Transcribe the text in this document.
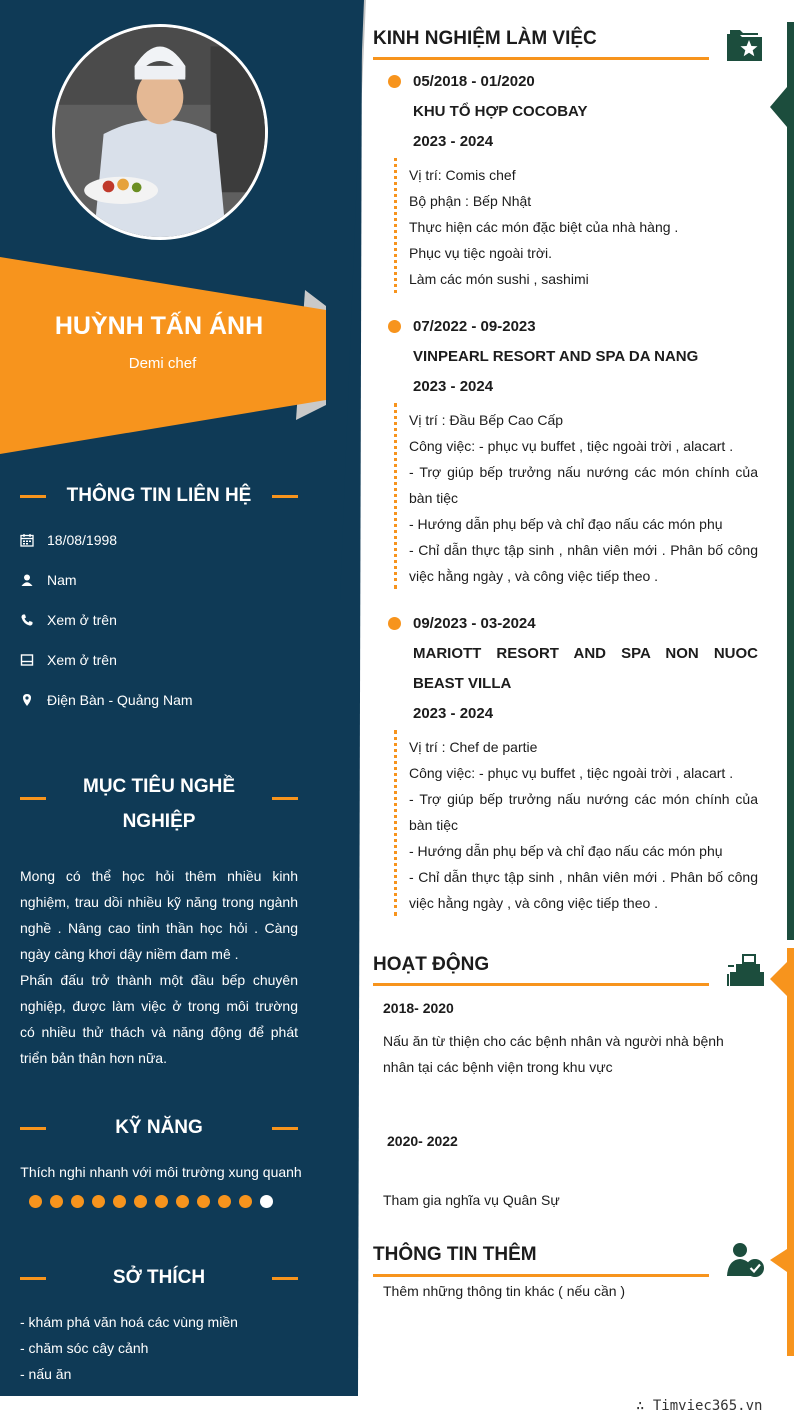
HUỲNH TẤN ÁNH
Demi chef
THÔNG TIN LIÊN HỆ
18/08/1998
Nam
Xem ở trên
Xem ở trên
Điện Bàn - Quảng Nam
MỤC TIÊU NGHỀ
NGHIỆP

Mong có thể học hỏi thêm nhiều kinh nghiệm, trau dồi nhiều kỹ năng trong ngành nghề . Nâng cao tinh thần học hỏi . Càng ngày càng khơi dậy niềm đam mê .

Phấn đấu trở thành một đầu bếp chuyên nghiệp, được làm việc ở trong môi trường có nhiều thử thách và năng động để phát triển bản thân hơn nữa.

KỸ NĂNG
Thích nghi nhanh với môi trường xung quanh
SỞ THÍCH
- khám phá văn hoá các vùng miền
- chăm sóc cây cảnh
- nấu ăn
KINH NGHIỆM LÀM VIỆC
05/2018 - 01/2020
KHU TỔ HỢP COCOBAY
2023 - 2024
Vị trí: Comis chef
Bộ phận : Bếp Nhật
Thực hiện các món đặc biệt của nhà hàng .
Phục vụ tiệc ngoài trời.
Làm các món sushi , sashimi
07/2022 - 09-2023
VINPEARL RESORT AND SPA DA NANG
2023 - 2024
Vị trí : Đầu Bếp Cao Cấp
Công việc: - phục vụ buffet , tiệc ngoài trời , alacart .
- Trợ giúp bếp trưởng nấu nướng các món chính của bàn tiệc
- Hướng dẫn phụ bếp và chỉ đạo nấu các món phụ
- Chỉ dẫn thực tập sinh , nhân viên mới . Phân bố công việc hằng ngày , và công việc tiếp theo .
09/2023 - 03-2024
MARIOTT RESORT AND SPA NON NUOC BEAST VILLA
2023 - 2024
Vị trí : Chef de partie
Công việc: - phục vụ buffet , tiệc ngoài trời , alacart .
- Trợ giúp bếp trưởng nấu nướng các món chính của bàn tiệc
- Hướng dẫn phụ bếp và chỉ đạo nấu các món phụ
- Chỉ dẫn thực tập sinh , nhân viên mới . Phân bố công việc hằng ngày , và công việc tiếp theo .
HOẠT ĐỘNG
2018- 2020
Nấu ăn từ thiện cho các bệnh nhân và người nhà bệnh nhân tại các bệnh viện trong khu vực
2020- 2022
Tham gia nghĩa vụ Quân Sự
THÔNG TIN THÊM
Thêm những thông tin khác ( nếu cần )
∴ Timviec365.vn
